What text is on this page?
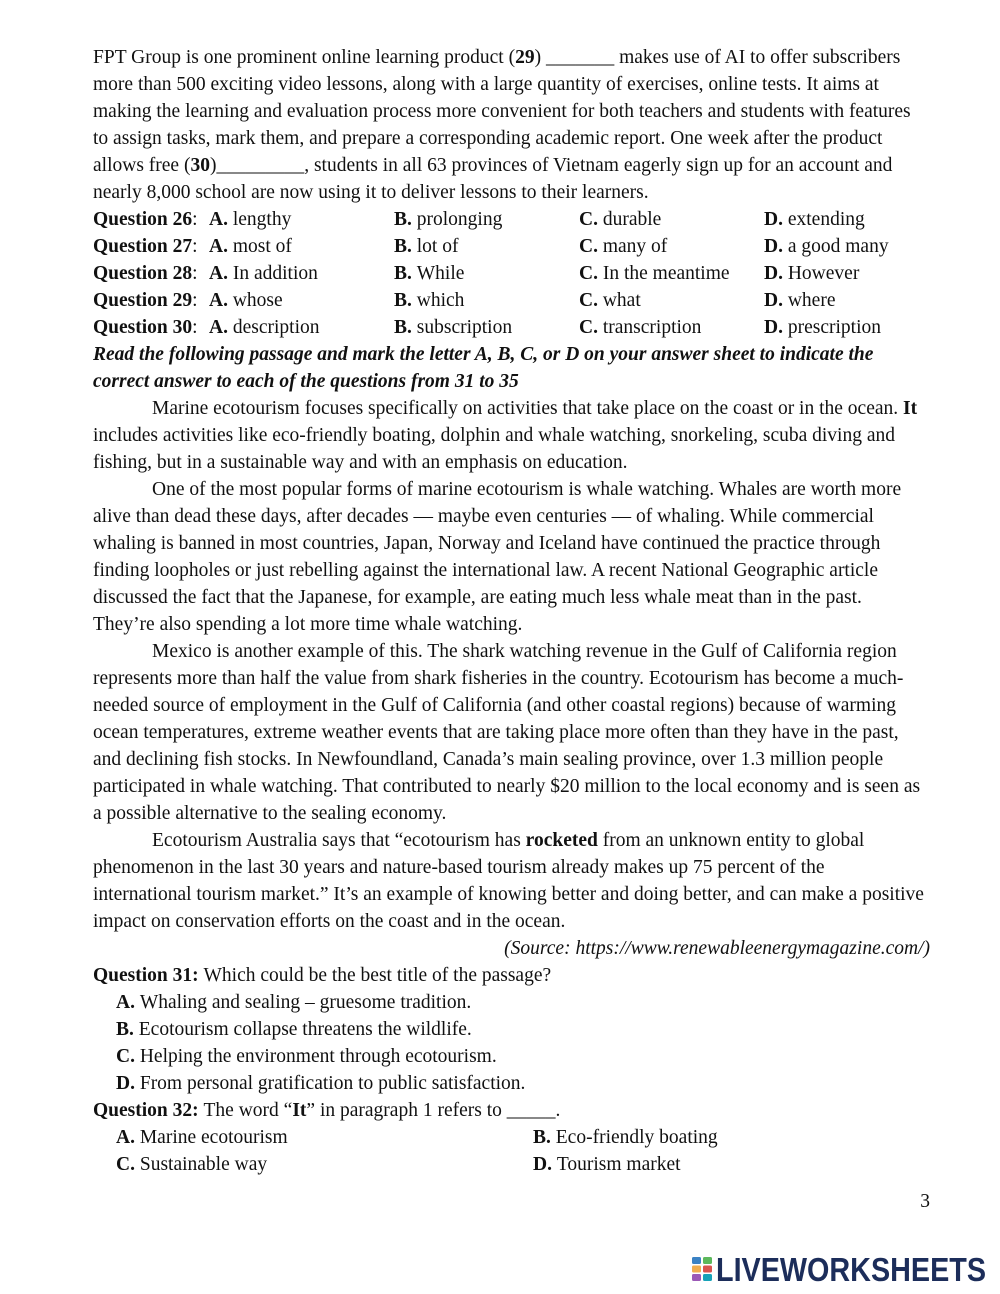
FPT Group is one prominent online learning product (29) _______ makes use of AI to offer subscribers
more than 500 exciting video lessons, along with a large quantity of exercises, online tests. It aims at
making the learning and evaluation process more convenient for both teachers and students with features
to assign tasks, mark them, and prepare a corresponding academic report. One week after the product
allows free (30)_________, students in all 63 provinces of Vietnam eagerly sign up for an account and
nearly 8,000 school are now using it to deliver lessons to their learners.
Question 26: A. lengthy	B. prolonging	C. durable	D. extending
Question 27: A. most of	B. lot of	C. many of	D. a good many
Question 28: A. In addition	B. While	C. In the meantime D. However
Question 29: A. whose	B. which	C. what	D. where
Question 30: A. description	B. subscription	C. transcription	D. prescription
Read the following passage and mark the letter A, B, C, or D on your answer sheet to indicate the
correct answer to each of the questions from 31 to 35
Marine ecotourism focuses specifically on activities that take place on the coast or in the ocean. It
includes activities like eco-friendly boating, dolphin and whale watching, snorkeling, scuba diving and
fishing, but in a sustainable way and with an emphasis on education.
One of the most popular forms of marine ecotourism is whale watching. Whales are worth more
alive than dead these days, after decades — maybe even centuries — of whaling. While commercial
whaling is banned in most countries, Japan, Norway and Iceland have continued the practice through
finding loopholes or just rebelling against the international law. A recent National Geographic article
discussed the fact that the Japanese, for example, are eating much less whale meat than in the past.
They’re also spending a lot more time whale watching.
Mexico is another example of this. The shark watching revenue in the Gulf of California region
represents more than half the value from shark fisheries in the country. Ecotourism has become a much-
needed source of employment in the Gulf of California (and other coastal regions) because of warming
ocean temperatures, extreme weather events that are taking place more often than they have in the past,
and declining fish stocks. In Newfoundland, Canada’s main sealing province, over 1.3 million people
participated in whale watching. That contributed to nearly $20 million to the local economy and is seen as
a possible alternative to the sealing economy.
Ecotourism Australia says that “ecotourism has rocketed from an unknown entity to global
phenomenon in the last 30 years and nature-based tourism already makes up 75 percent of the
international tourism market.” It’s an example of knowing better and doing better, and can make a positive
impact on conservation efforts on the coast and in the ocean.
(Source: https://www.renewableenergymagazine.com/)
Question 31: Which could be the best title of the passage?
A. Whaling and sealing – gruesome tradition.
B. Ecotourism collapse threatens the wildlife.
C. Helping the environment through ecotourism.
D. From personal gratification to public satisfaction.
Question 32: The word “It” in paragraph 1 refers to _____.
A. Marine ecotourism	B. Eco-friendly boating
C. Sustainable way	D. Tourism market
3
LIVEWORKSHEETS
